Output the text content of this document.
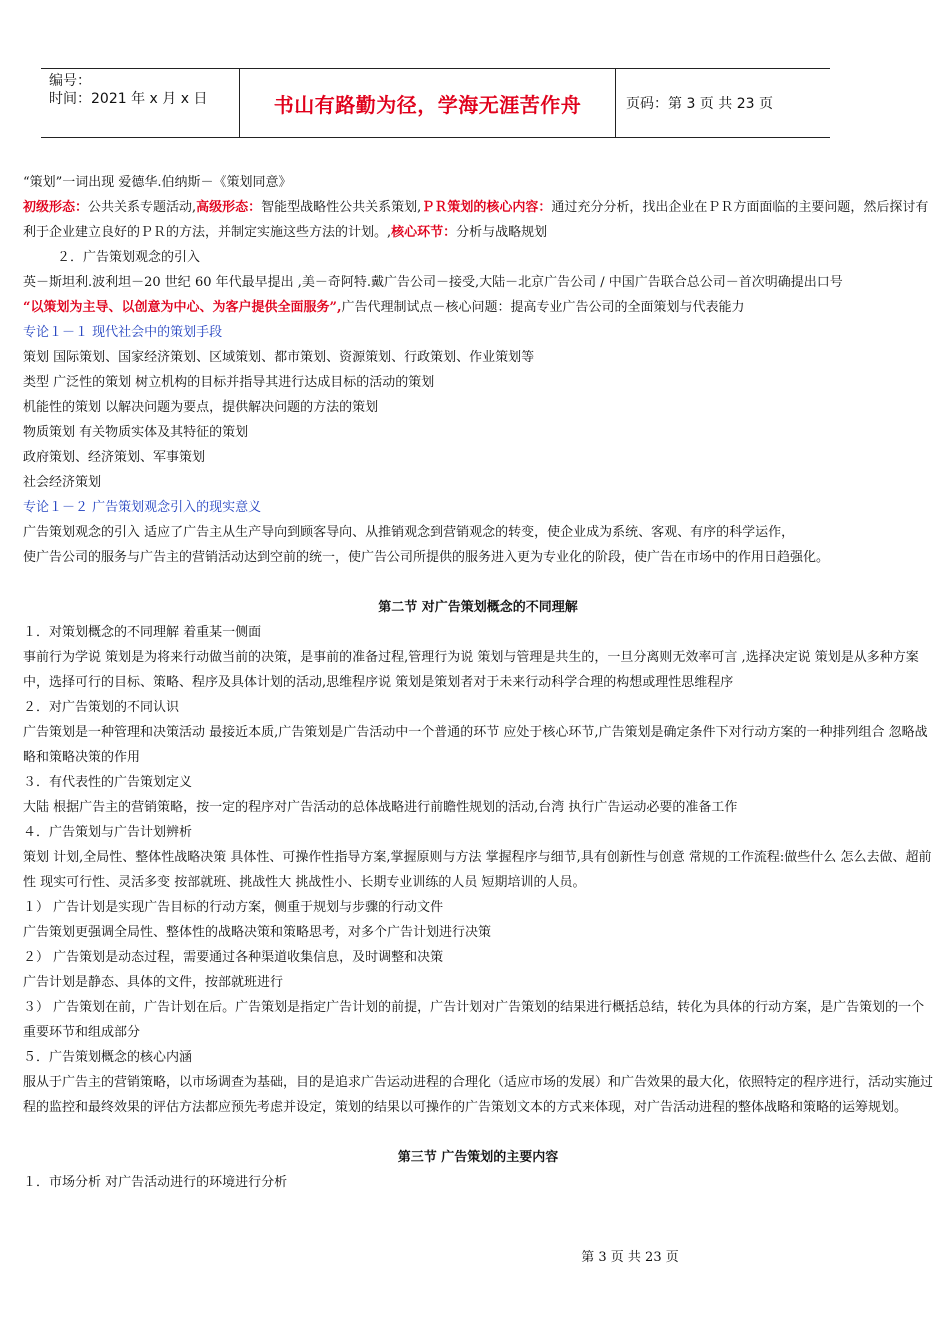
编号：
时间：2021 年 x 月 x 日	书山有路勤为径，学海无涯苦作舟	页码：第 3 页 共 23 页

“策划”一词出现 爱德华.伯纳斯－《策划同意》

初级形态：公共关系专题活动,高级形态：智能型战略性公共关系策划,ＰＲ策划的核心内容：通过充分分析，找出企业在ＰＲ方面面临的主要问题，然后探讨有利于企业建立良好的ＰＲ的方法，并制定实施这些方法的计划。,核心环节：分析与战略规划

２．广告策划观念的引入

英－斯坦利.波利坦－20 世纪 60 年代最早提出 ,美－奇阿特.戴广告公司－接受,大陆－北京广告公司 / 中国广告联合总公司－首次明确提出口号

“以策划为主导、以创意为中心、为客户提供全面服务”,广告代理制试点－核心问题：提高专业广告公司的全面策划与代表能力

专论１－１ 现代社会中的策划手段

策划 国际策划、国家经济策划、区域策划、都市策划、资源策划、行政策划、作业策划等

类型 广泛性的策划 树立机构的目标并指导其进行达成目标的活动的策划

机能性的策划 以解决问题为要点，提供解决问题的方法的策划

物质策划 有关物质实体及其特征的策划

政府策划、经济策划、军事策划

社会经济策划

专论１－２ 广告策划观念引入的现实意义

广告策划观念的引入 适应了广告主从生产导向到顾客导向、从推销观念到营销观念的转变，使企业成为系统、客观、有序的科学运作，

使广告公司的服务与广告主的营销活动达到空前的统一，使广告公司所提供的服务进入更为专业化的阶段，使广告在市场中的作用日趋强化。

第二节 对广告策划概念的不同理解

１．对策划概念的不同理解 着重某一侧面

事前行为学说 策划是为将来行动做当前的决策，是事前的准备过程,管理行为说 策划与管理是共生的，一旦分离则无效率可言 ,选择决定说 策划是从多种方案中，选择可行的目标、策略、程序及具体计划的活动,思维程序说 策划是策划者对于未来行动科学合理的构想或理性思维程序

２．对广告策划的不同认识

广告策划是一种管理和决策活动 最接近本质,广告策划是广告活动中一个普通的环节 应处于核心环节,广告策划是确定条件下对行动方案的一种排列组合 忽略战略和策略决策的作用

３．有代表性的广告策划定义

大陆 根据广告主的营销策略，按一定的程序对广告活动的总体战略进行前瞻性规划的活动,台湾 执行广告运动必要的准备工作

４．广告策划与广告计划辨析

策划 计划,全局性、整体性战略决策 具体性、可操作性指导方案,掌握原则与方法 掌握程序与细节,具有创新性与创意 常规的工作流程:做些什么 怎么去做、超前性 现实可行性、灵活多变 按部就班、挑战性大 挑战性小、长期专业训练的人员 短期培训的人员。

１） 广告计划是实现广告目标的行动方案，侧重于规划与步骤的行动文件

广告策划更强调全局性、整体性的战略决策和策略思考，对多个广告计划进行决策

２） 广告策划是动态过程，需要通过各种渠道收集信息，及时调整和决策

广告计划是静态、具体的文件，按部就班进行

３） 广告策划在前，广告计划在后。广告策划是指定广告计划的前提，广告计划对广告策划的结果进行概括总结，转化为具体的行动方案，是广告策划的一个重要环节和组成部分

５．广告策划概念的核心内涵

服从于广告主的营销策略，以市场调查为基础，目的是追求广告运动进程的合理化（适应市场的发展）和广告效果的最大化，依照特定的程序进行，活动实施过程的监控和最终效果的评估方法都应预先考虑并设定，策划的结果以可操作的广告策划文本的方式来体现，对广告活动进程的整体战略和策略的运筹规划。

第三节 广告策划的主要内容

１．市场分析 对广告活动进行的环境进行分析

第 3 页 共 23 页
